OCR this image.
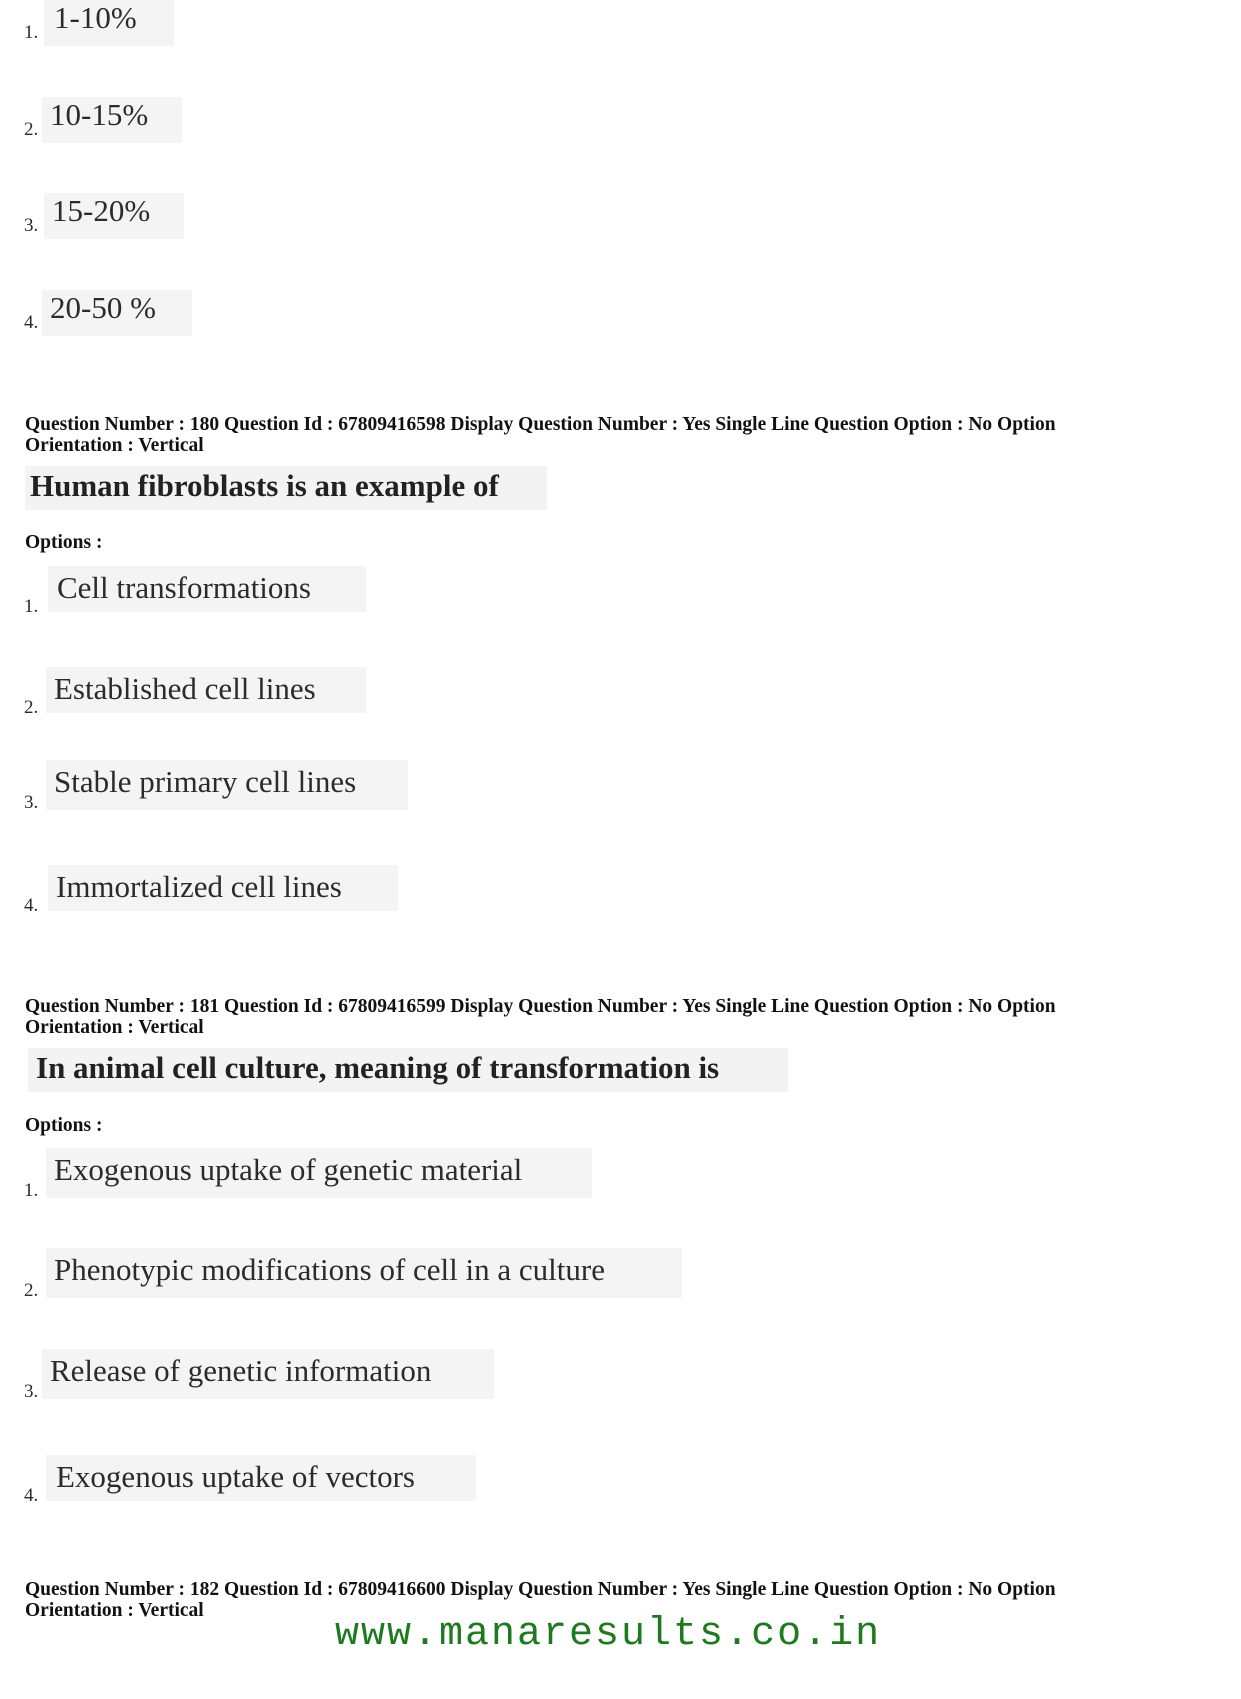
1. 1-10%
2. 10-15%
3. 15-20%
4. 20-50 %
Question Number : 180 Question Id : 67809416598 Display Question Number : Yes Single Line Question Option : No Option
Orientation : Vertical
Human fibroblasts is an example of
Options :
1.
Cell transformations
2.
Established cell lines
3.
Stable primary cell lines
4.
Immortalized cell lines
Question Number : 181 Question Id : 67809416599 Display Question Number : Yes Single Line Question Option : No Option
Orientation : Vertical
In animal cell culture, meaning of transformation is
Options :
1.
Exogenous uptake of genetic material
2.
Phenotypic modifications of cell in a culture
3.
Release of genetic information
4.
Exogenous uptake of vectors
Question Number : 182 Question Id : 67809416600 Display Question Number : Yes Single Line Question Option : No Option
Orientation : Vertical
www.manaresults.co.in
